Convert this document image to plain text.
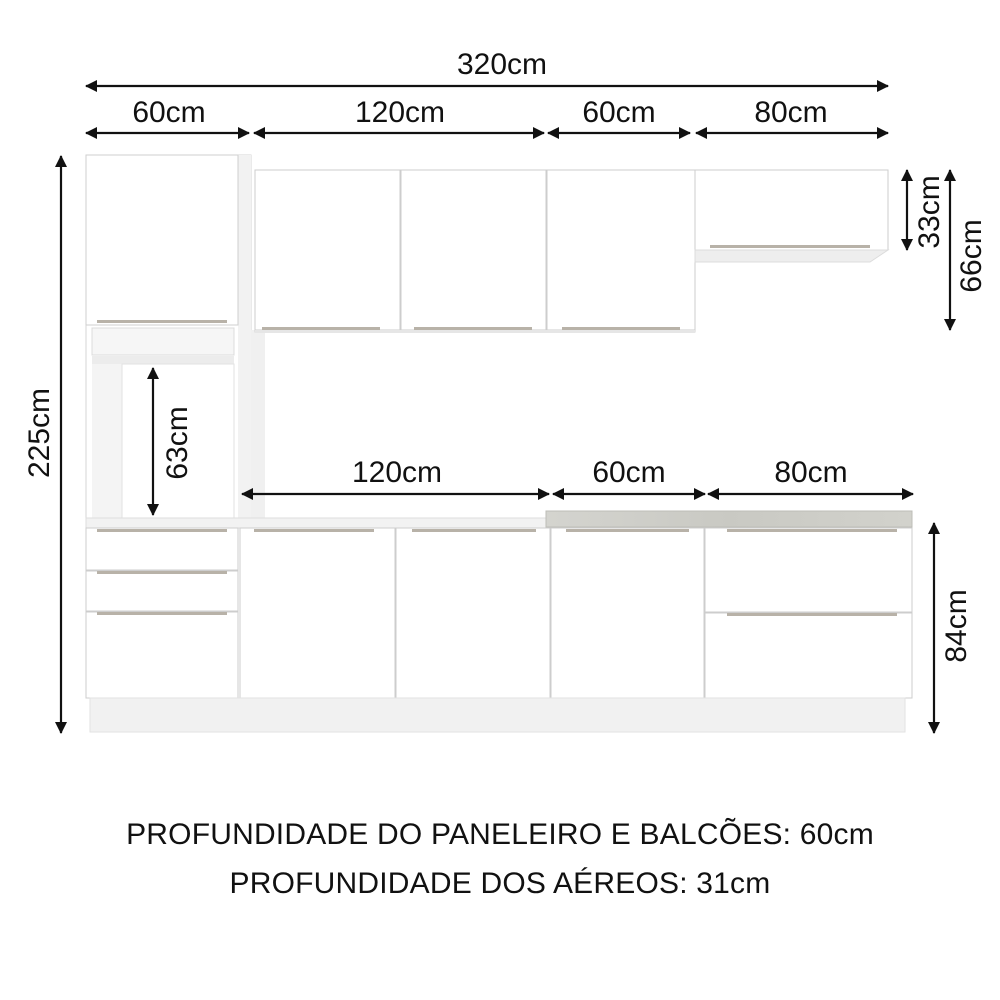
320cm
60cm	120cm	60cm	80cm
225cm	63cm
33cm
66cm
120cm	60cm	80cm
84cm
PROFUNDIDADE DO PANELEIRO E BALCÕES: 60cm
PROFUNDIDADE DOS AÉREOS: 31cm
